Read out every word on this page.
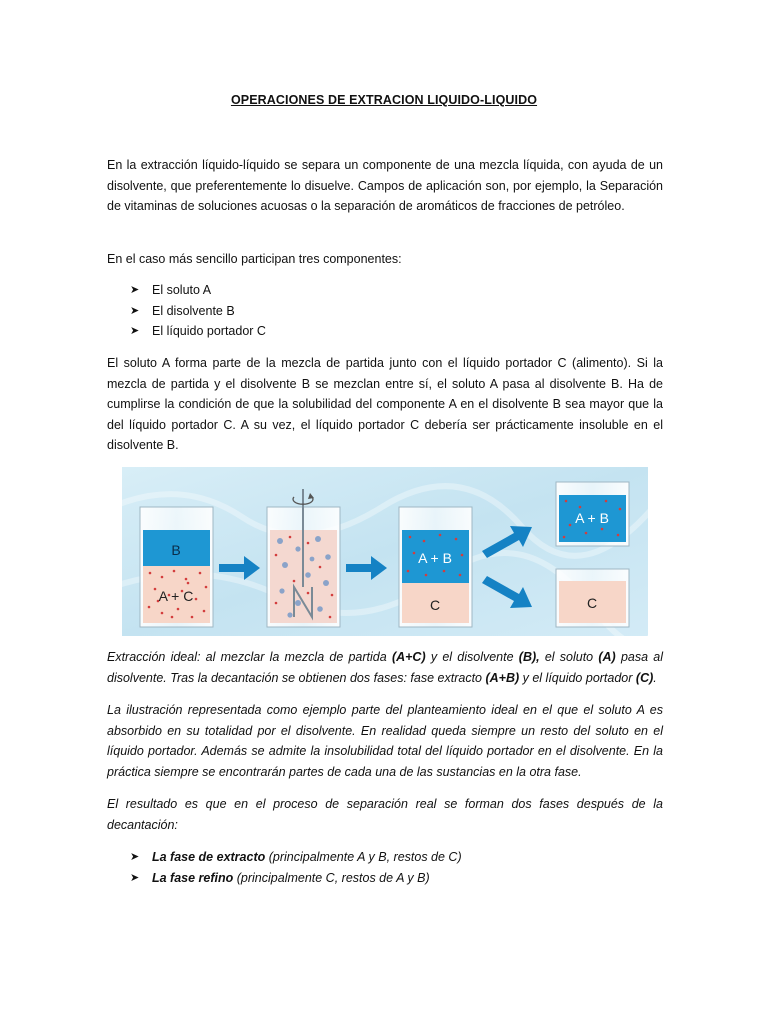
OPERACIONES DE EXTRACION LIQUIDO-LIQUIDO

En la extracción líquido-líquido se separa un componente de una mezcla líquida, con ayuda de un disolvente, que preferentemente lo disuelve. Campos de aplicación son, por ejemplo, la Separación de vitaminas de soluciones acuosas o la separación de aromáticos de fracciones de petróleo.

En el caso más sencillo participan tres componentes:

➤ El soluto A
➤ El disolvente B
➤ El líquido portador C

El soluto A forma parte de la mezcla de partida junto con el líquido portador C (alimento). Si la mezcla de partida y el disolvente B se mezclan entre sí, el soluto A pasa al disolvente B. Ha de cumplirse la condición de que la solubilidad del componente A en el disolvente B sea mayor que la del líquido portador C. A su vez, el líquido portador C debería ser prácticamente insoluble en el disolvente B.

B
A + C
A + B
C
A + B
C

Extracción ideal: al mezclar la mezcla de partida (A+C) y el disolvente (B), el soluto (A) pasa al disolvente. Tras la decantación se obtienen dos fases: fase extracto (A+B) y el líquido portador (C).

La ilustración representada como ejemplo parte del planteamiento ideal en el que el soluto A es absorbido en su totalidad por el disolvente. En realidad queda siempre un resto del soluto en el líquido portador. Además se admite la insolubilidad total del líquido portador en el disolvente. En la práctica siempre se encontrarán partes de cada una de las sustancias en la otra fase.

El resultado es que en el proceso de separación real se forman dos fases después de la decantación:

➤ La fase de extracto (principalmente A y B, restos de C)
➤ La fase refino (principalmente C, restos de A y B)
